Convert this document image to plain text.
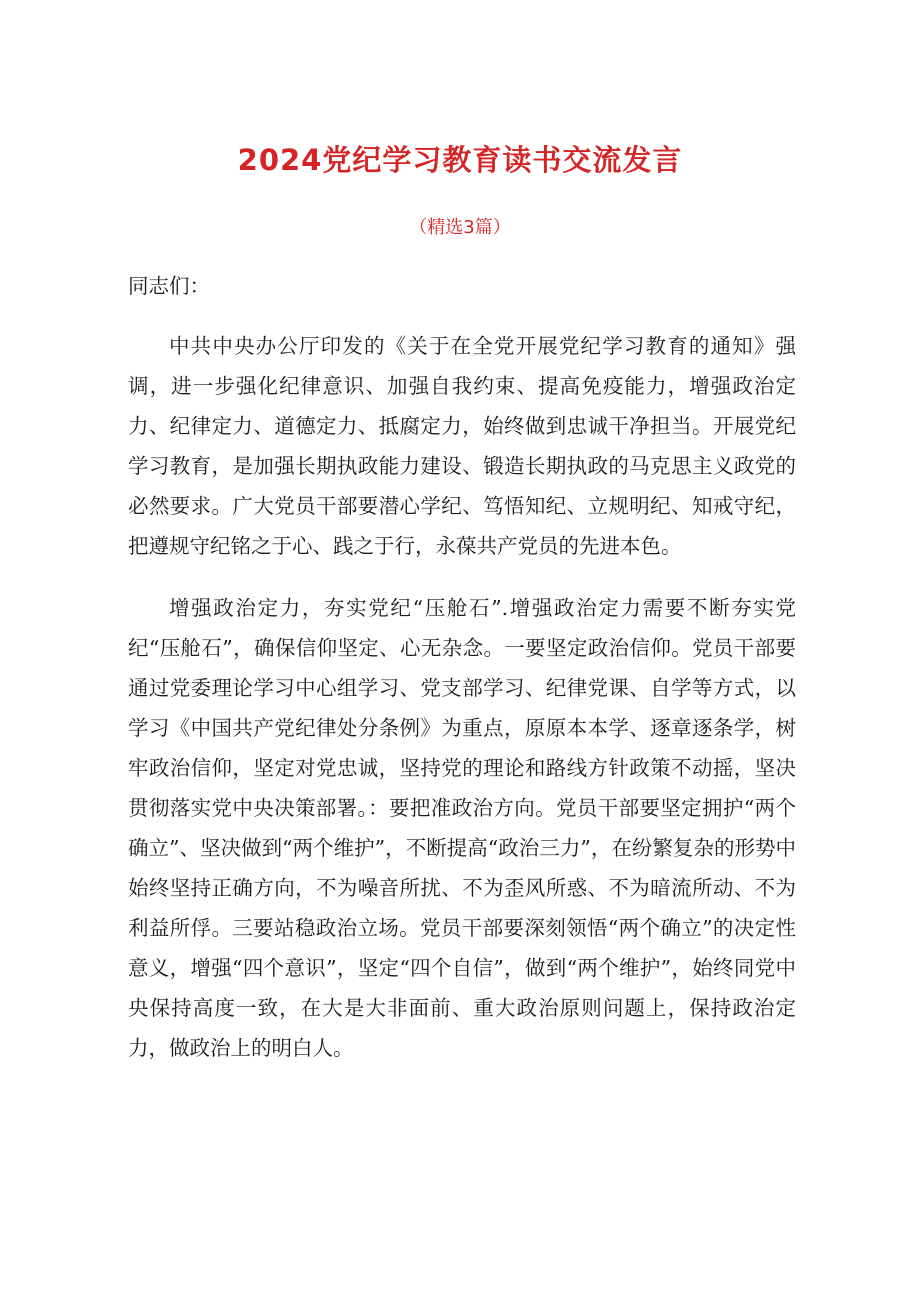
2024党纪学习教育读书交流发言

（精选3篇）

同志们：

中共中央办公厅印发的《关于在全党开展党纪学习教育的通知》强调，进一步强化纪律意识、加强自我约束、提高免疫能力，增强政治定力、纪律定力、道德定力、抵腐定力，始终做到忠诚干净担当。开展党纪学习教育，是加强长期执政能力建设、锻造长期执政的马克思主义政党的必然要求。广大党员干部要潜心学纪、笃悟知纪、立规明纪、知戒守纪，把遵规守纪铭之于心、践之于行，永葆共产党员的先进本色。

增强政治定力，夯实党纪“压舱石”.增强政治定力需要不断夯实党纪“压舱石”，确保信仰坚定、心无杂念。一要坚定政治信仰。党员干部要通过党委理论学习中心组学习、党支部学习、纪律党课、自学等方式，以学习《中国共产党纪律处分条例》为重点，原原本本学、逐章逐条学，树牢政治信仰，坚定对党忠诚，坚持党的理论和路线方针政策不动摇，坚决贯彻落实党中央决策部署。：要把准政治方向。党员干部要坚定拥护“两个确立”、坚决做到“两个维护”，不断提高“政治三力”，在纷繁复杂的形势中始终坚持正确方向，不为噪音所扰、不为歪风所惑、不为暗流所动、不为利益所俘。三要站稳政治立场。党员干部要深刻领悟“两个确立”的决定性意义，增强“四个意识”，坚定“四个自信”，做到“两个维护”，始终同党中央保持高度一致，在大是大非面前、重大政治原则问题上，保持政治定力，做政治上的明白人。
